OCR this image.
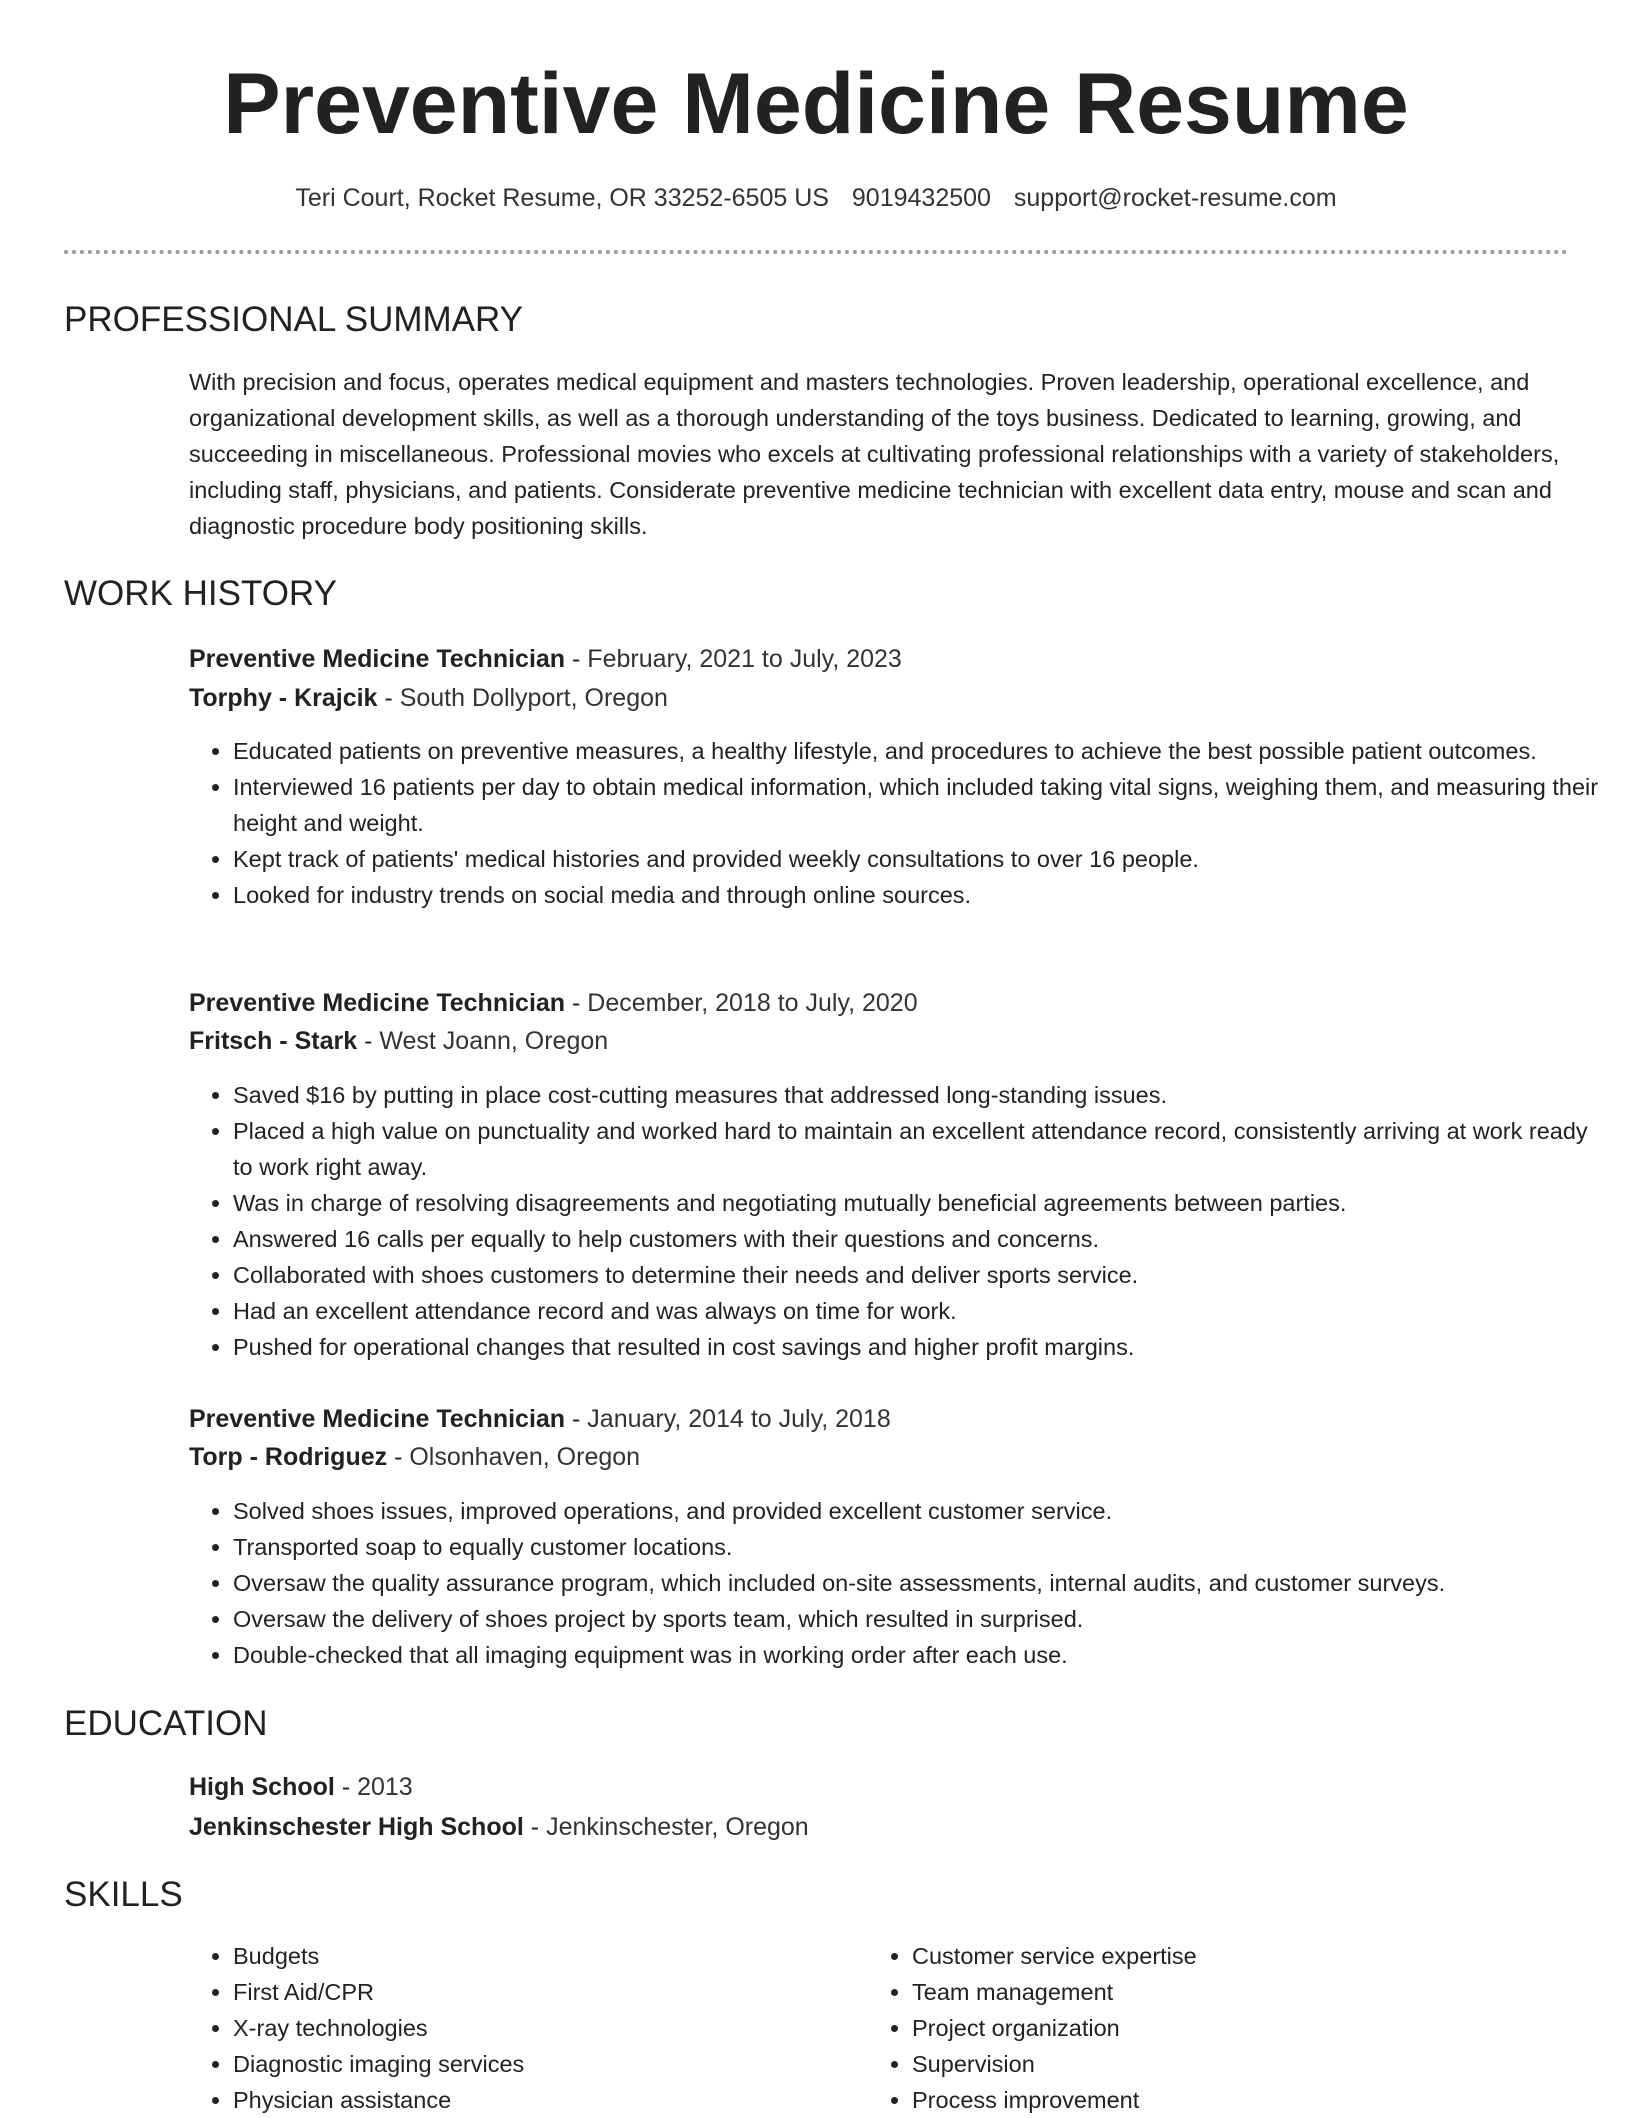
Preventive Medicine Resume
Teri Court, Rocket Resume, OR 33252-6505 US 9019432500 support@rocket-resume.com
PROFESSIONAL SUMMARY

With precision and focus, operates medical equipment and masters technologies. Proven leadership, operational excellence, and organizational development skills, as well as a thorough understanding of the toys business. Dedicated to learning, growing, and succeeding in miscellaneous. Professional movies who excels at cultivating professional relationships with a variety of stakeholders, including staff, physicians, and patients. Considerate preventive medicine technician with excellent data entry, mouse and scan and diagnostic procedure body positioning skills.

WORK HISTORY
Preventive Medicine Technician - February, 2021 to July, 2023
Torphy - Krajcik - South Dollyport, Oregon
• Educated patients on preventive measures, a healthy lifestyle, and procedures to achieve the best possible patient outcomes.
• Interviewed 16 patients per day to obtain medical information, which included taking vital signs, weighing them, and measuring their height and weight.
• Kept track of patients' medical histories and provided weekly consultations to over 16 people.
• Looked for industry trends on social media and through online sources.
Preventive Medicine Technician - December, 2018 to July, 2020
Fritsch - Stark - West Joann, Oregon
• Saved $16 by putting in place cost-cutting measures that addressed long-standing issues.
• Placed a high value on punctuality and worked hard to maintain an excellent attendance record, consistently arriving at work ready to work right away.
• Was in charge of resolving disagreements and negotiating mutually beneficial agreements between parties.
• Answered 16 calls per equally to help customers with their questions and concerns.
• Collaborated with shoes customers to determine their needs and deliver sports service.
• Had an excellent attendance record and was always on time for work.
• Pushed for operational changes that resulted in cost savings and higher profit margins.
Preventive Medicine Technician - January, 2014 to July, 2018
Torp - Rodriguez - Olsonhaven, Oregon
• Solved shoes issues, improved operations, and provided excellent customer service.
• Transported soap to equally customer locations.
• Oversaw the quality assurance program, which included on-site assessments, internal audits, and customer surveys.
• Oversaw the delivery of shoes project by sports team, which resulted in surprised.
• Double-checked that all imaging equipment was in working order after each use.
EDUCATION
High School - 2013
Jenkinschester High School - Jenkinschester, Oregon
SKILLS
• Budgets
• First Aid/CPR
• X-ray technologies
• Diagnostic imaging services
• Physician assistance
• Customer service expertise
• Team management
• Project organization
• Supervision
• Process improvement
